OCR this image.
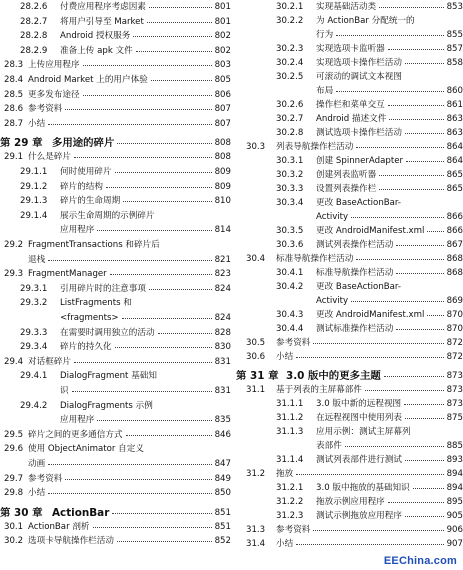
28.2.6 付费应用程序考虑因素	801
28.2.7 将用户引导至 Market	801
28.2.8 Android 授权服务	802
28.2.9 准备上传 apk 文件	802
28.3 上传应用程序	803
28.4 Android Market 上的用户体验	805
28.5 更多发布途径	806
28.6 参考资料	807
28.7 小结	807
第 29 章 多用途的碎片	808
29.1 什么是碎片	808
29.1.1 何时使用碎片	809
29.1.2 碎片的结构	809
29.1.3 碎片的生命周期	810
29.1.4 展示生命周期的示例碎片
应用程序	814
29.2 FragmentTransactions 和碎片后
退栈	821
29.3 FragmentManager	823
29.3.1 引用碎片时的注意事项	824
29.3.2 ListFragments 和
<fragments>	824
29.3.3 在需要时调用独立的活动	828
29.3.4 碎片的持久化	830
29.4 对话框碎片	831
29.4.1 DialogFragment 基础知
识	831
29.4.2 DialogFragments 示例
应用程序	835
29.5 碎片之间的更多通信方式	846
29.6 使用 ObjectAnimator 自定义
动画	847
29.7 参考资料	849
29.8 小结	850
第 30 章 ActionBar	851
30.1 ActionBar 剖析	851
30.2 选项卡导航操作栏活动	852
30.2.1 实现基础活动类	853
30.2.2 为 ActionBar 分配统一的
行为	855
30.2.3 实现选项卡监听器	857
30.2.4 实现选项卡操作栏活动	858
30.2.5 可滚动的调试文本视图
布局	860
30.2.6 操作栏和菜单交互	861
30.2.7 Android 描述文件	863
30.2.8 测试选项卡操作栏活动	863
30.3 列表导航操作栏活动	864
30.3.1 创建 SpinnerAdapter	864
30.3.2 创建列表监听器	865
30.3.3 设置列表操作栏	865
30.3.4 更改 BaseActionBar-
Activity	866
30.3.5 更改 AndroidManifest.xml	866
30.3.6 测试列表操作栏活动	867
30.4 标准导航操作栏活动	868
30.4.1 标准导航操作栏活动	868
30.4.2 更改 BaseActionBar-
Activity	869
30.4.3 更改 AndroidManifest.xml	870
30.4.4 测试标准操作栏活动	870
30.5 参考资料	872
30.6 小结	872
第 31 章 3.0 版中的更多主题	873
31.1 基于列表的主屏幕部件	873
31.1.1 3.0 版中新的远程视图	873
31.1.2 在远程视图中使用列表	875
31.1.3 应用示例：测试主屏幕列
表部件	885
31.1.4 测试列表部件进行测试	893
31.2 拖放	894
31.2.1 3.0 版中拖放的基础知识	894
31.2.2 拖放示例应用程序	895
31.2.3 测试示例拖放应用程序	905
31.3 参考资料	906
31.4 小结	907
EEChina.com
